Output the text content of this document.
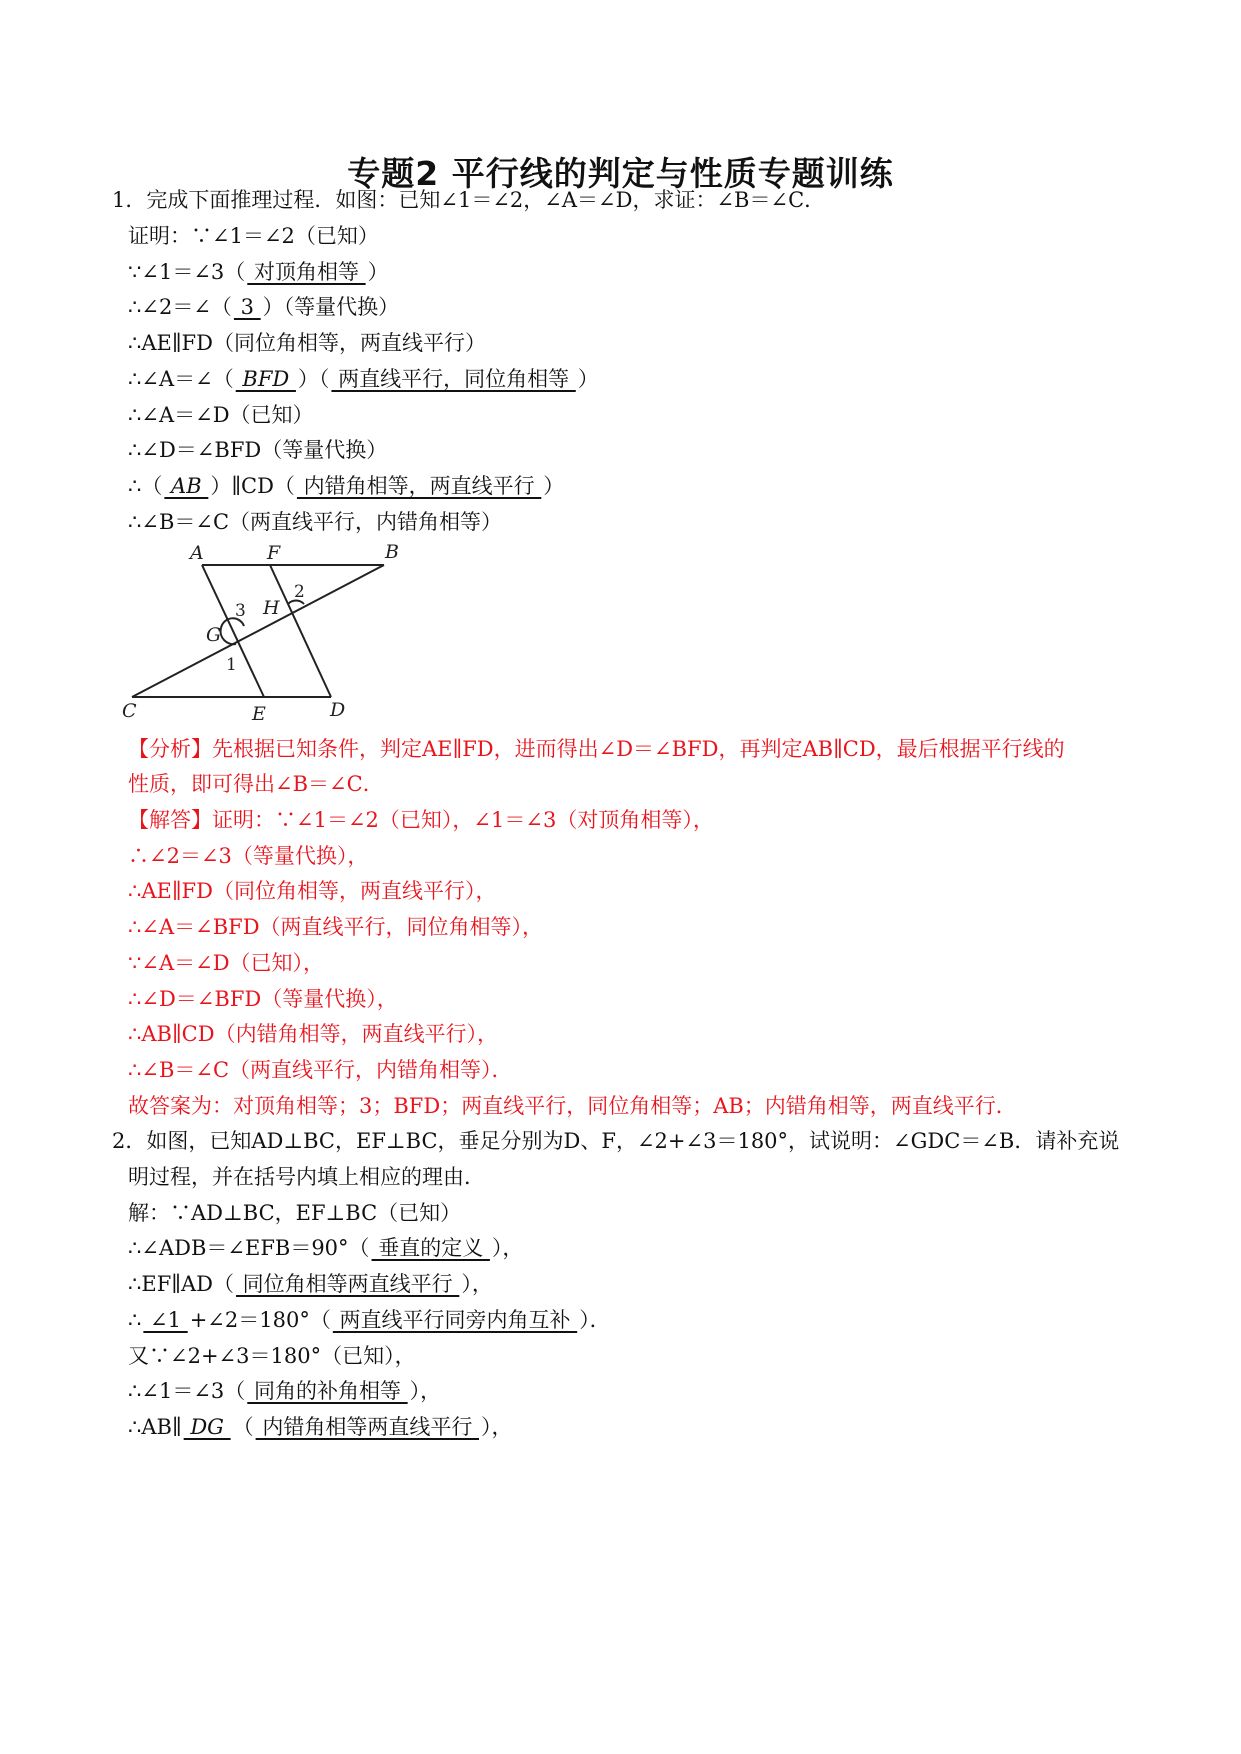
专题2 平行线的判定与性质专题训练
1．完成下面推理过程．如图：已知∠1＝∠2，∠A＝∠D，求证：∠B＝∠C．
证明：∵∠1＝∠2（已知）
∵∠1＝∠3（ 对顶角相等 ）
∴∠2＝∠（ 3 ）（等量代换）
∴AE∥FD（同位角相等，两直线平行）
∴∠A＝∠（ BFD ）（ 两直线平行，同位角相等 ）
∴∠A＝∠D（已知）
∴∠D＝∠BFD（等量代换）
∴（ AB ）∥CD（ 内错角相等，两直线平行 ）
∴∠B＝∠C（两直线平行，内错角相等）
A	F	B
C	E	D
G
H
1
2
3
【分析】先根据已知条件，判定AE∥FD，进而得出∠D＝∠BFD，再判定AB∥CD，最后根据平行线的
性质，即可得出∠B＝∠C．
【解答】证明：∵∠1＝∠2（已知），∠1＝∠3（对顶角相等），
∴∠2＝∠3（等量代换），
∴AE∥FD（同位角相等，两直线平行），
∴∠A＝∠BFD（两直线平行，同位角相等），
∵∠A＝∠D（已知），
∴∠D＝∠BFD（等量代换），
∴AB∥CD（内错角相等，两直线平行），
∴∠B＝∠C（两直线平行，内错角相等）．
故答案为：对顶角相等；3；BFD；两直线平行，同位角相等；AB；内错角相等，两直线平行．
2．如图，已知AD⊥BC，EF⊥BC，垂足分别为D、F，∠2+∠3＝180°，试说明：∠GDC＝∠B．请补充说
明过程，并在括号内填上相应的理由．
解：∵AD⊥BC，EF⊥BC（已知）
∴∠ADB＝∠EFB＝90°（ 垂直的定义 ），
∴EF∥AD（ 同位角相等两直线平行 ），
∴ ∠1 +∠2＝180°（ 两直线平行同旁内角互补 ）．
又∵∠2+∠3＝180°（已知），
∴∠1＝∠3（ 同角的补角相等 ），
∴AB∥ DG （ 内错角相等两直线平行 ），
